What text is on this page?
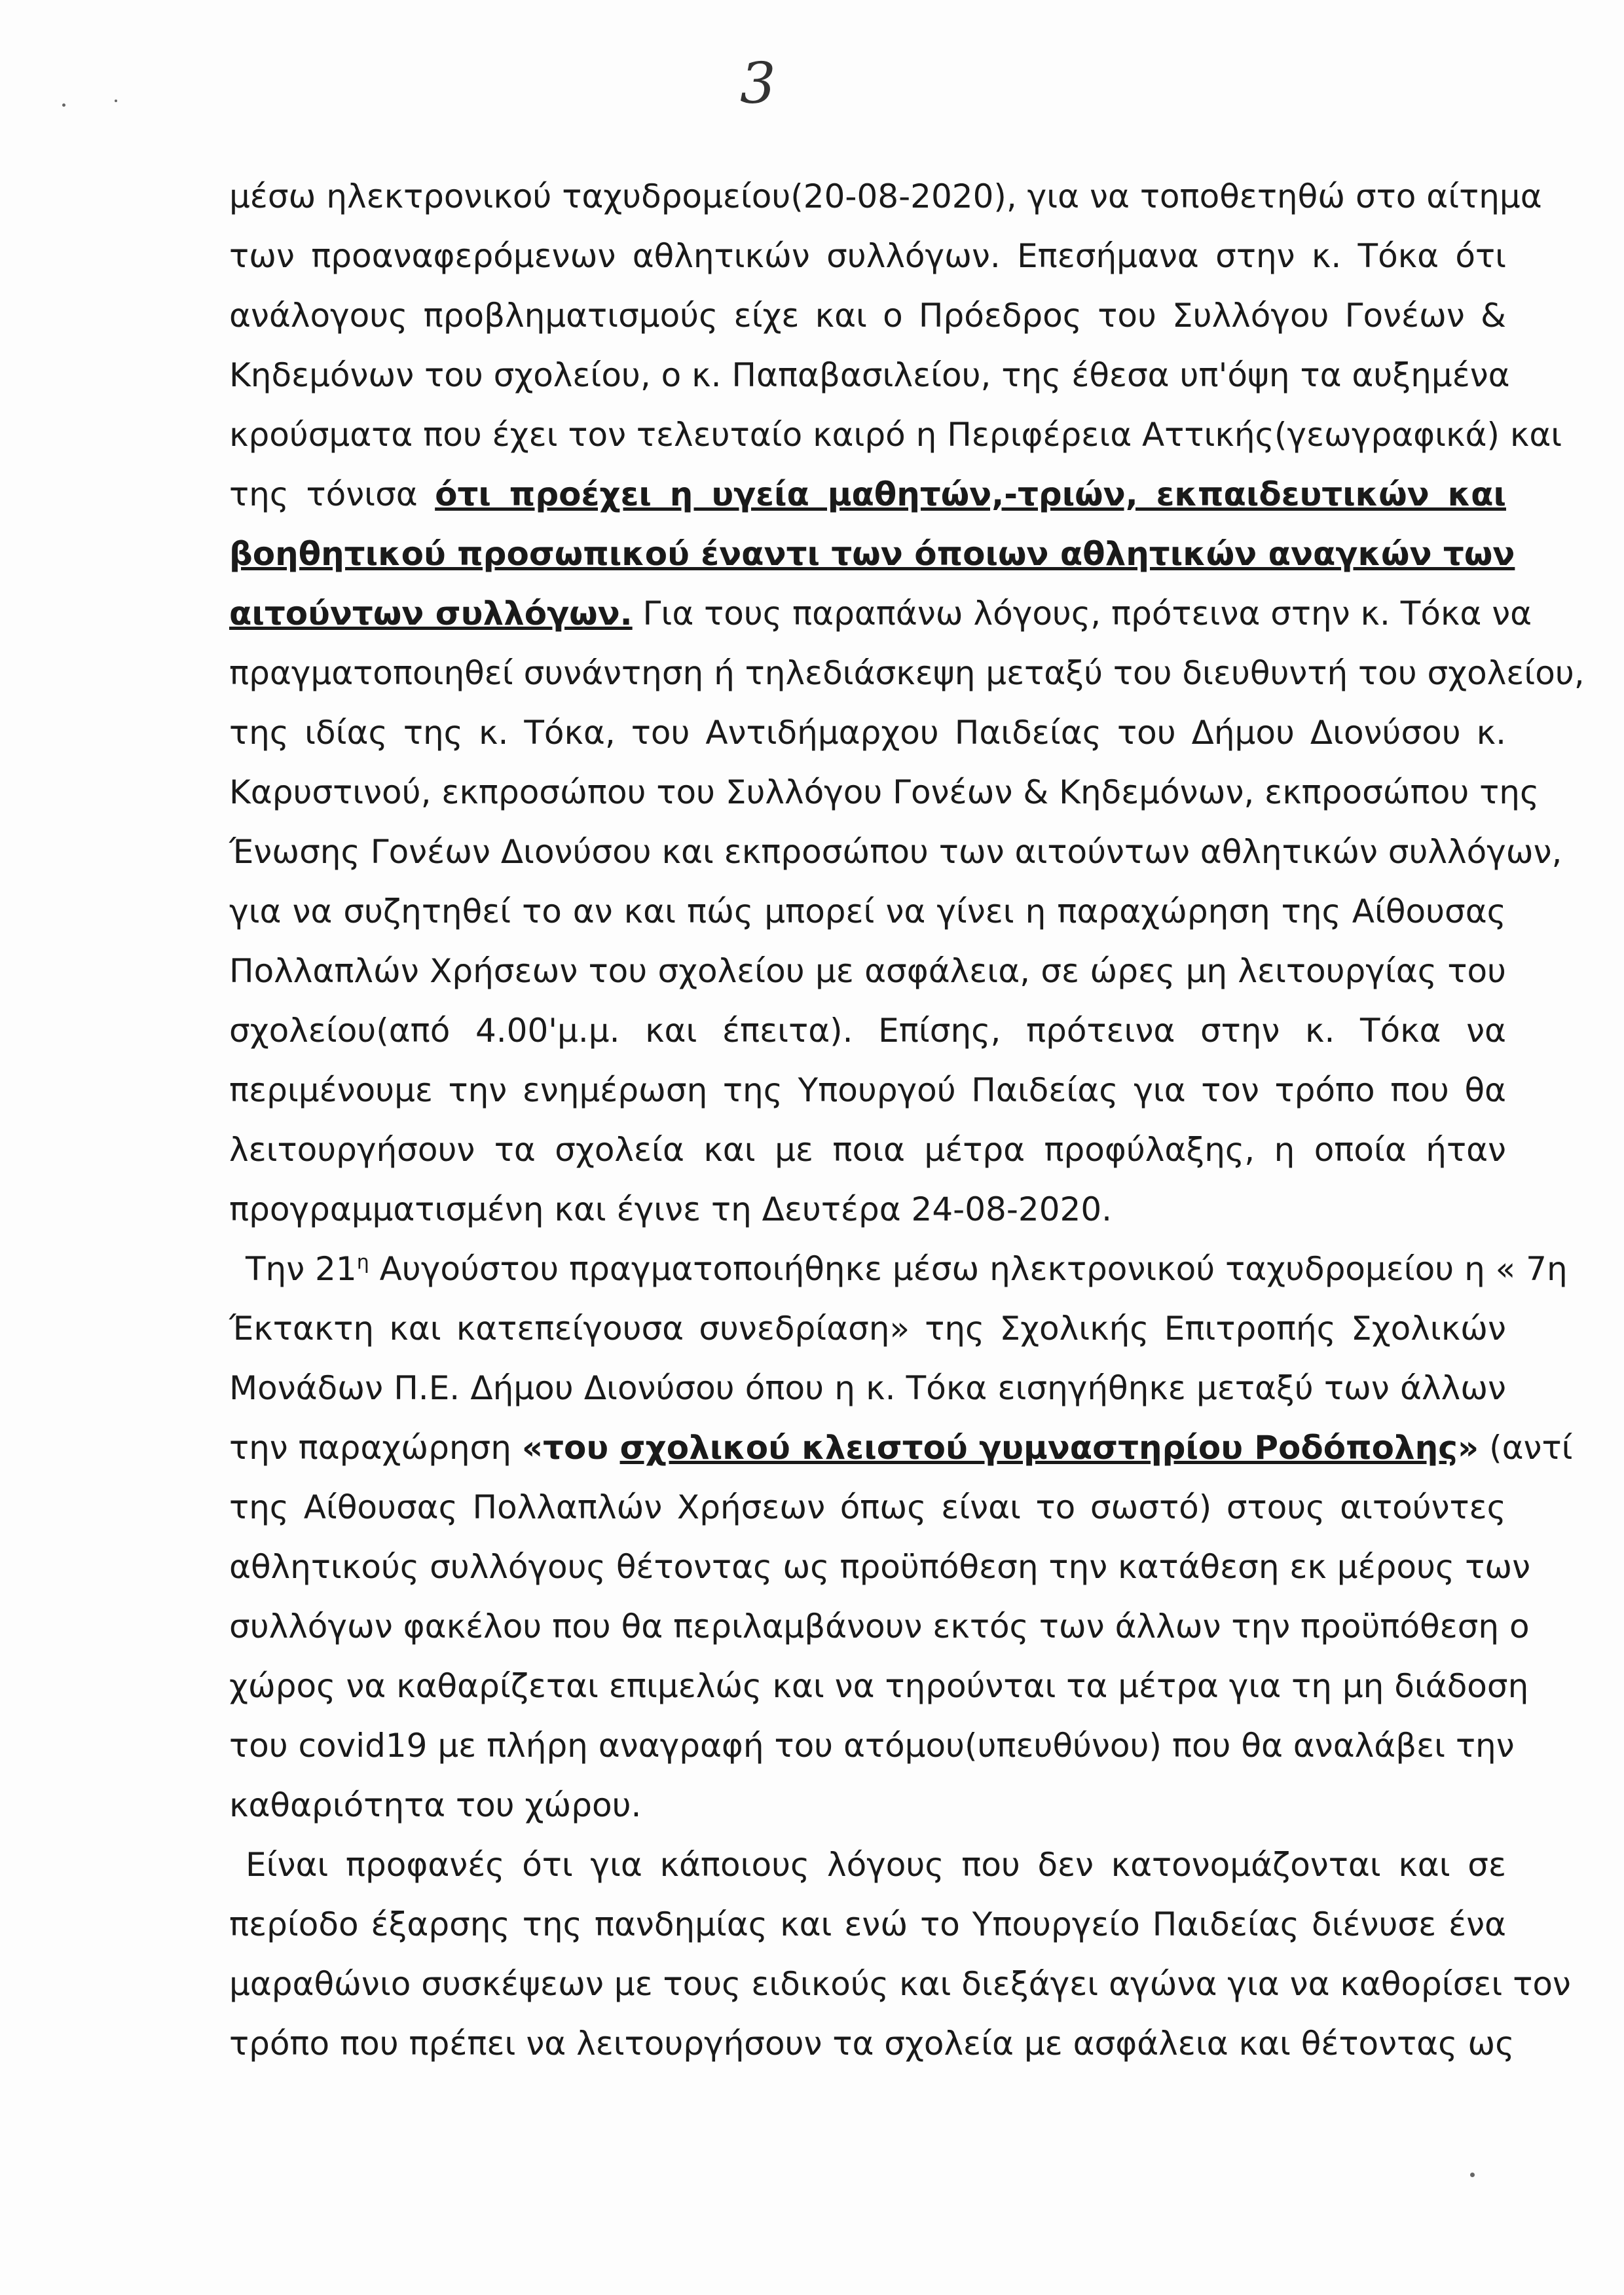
3
μέσω ηλεκτρονικού ταχυδρομείου(20-08-2020), για να τοποθετηθώ στο αίτημα
των προαναφερόμενων αθλητικών συλλόγων. Επεσήμανα στην κ. Τόκα ότι
ανάλογους προβληματισμούς είχε και ο Πρόεδρος του Συλλόγου Γονέων &
Κηδεμόνων του σχολείου, ο κ. Παπαβασιλείου, της έθεσα υπ'όψη τα αυξημένα
κρούσματα που έχει τον τελευταίο καιρό η Περιφέρεια Αττικής(γεωγραφικά) και
της τόνισα ότι προέχει η υγεία μαθητών,-τριών, εκπαιδευτικών και
βοηθητικού προσωπικού έναντι των όποιων αθλητικών αναγκών των
αιτούντων συλλόγων. Για τους παραπάνω λόγους, πρότεινα στην κ. Τόκα να
πραγματοποιηθεί συνάντηση ή τηλεδιάσκεψη μεταξύ του διευθυντή του σχολείου,
της ιδίας της κ. Τόκα, του Αντιδήμαρχου Παιδείας του Δήμου Διονύσου κ.
Καρυστινού, εκπροσώπου του Συλλόγου Γονέων & Κηδεμόνων, εκπροσώπου της
Ένωσης Γονέων Διονύσου και εκπροσώπου των αιτούντων αθλητικών συλλόγων,
για να συζητηθεί το αν και πώς μπορεί να γίνει η παραχώρηση της Αίθουσας
Πολλαπλών Χρήσεων του σχολείου με ασφάλεια, σε ώρες μη λειτουργίας του
σχολείου(από 4.00'μ.μ. και έπειτα). Επίσης, πρότεινα στην κ. Τόκα να
περιμένουμε την ενημέρωση της Υπουργού Παιδείας για τον τρόπο που θα
λειτουργήσουν τα σχολεία και με ποια μέτρα προφύλαξης, η οποία ήταν
προγραμματισμένη και έγινε τη Δευτέρα 24-08-2020.
Την $21^\eta$ Αυγούστου πραγματοποιήθηκε μέσω ηλεκτρονικού ταχυδρομείου η « 7η
Έκτακτη και κατεπείγουσα συνεδρίαση» της Σχολικής Επιτροπής Σχολικών
Μονάδων Π.Ε. Δήμου Διονύσου όπου η κ. Τόκα εισηγήθηκε μεταξύ των άλλων
την παραχώρηση «του σχολικού κλειστού γυμναστηρίου Ροδόπολης» (αντί
της Αίθουσας Πολλαπλών Χρήσεων όπως είναι το σωστό) στους αιτούντες
αθλητικούς συλλόγους θέτοντας ως προϋπόθεση την κατάθεση εκ μέρους των
συλλόγων φακέλου που θα περιλαμβάνουν εκτός των άλλων την προϋπόθεση ο
χώρος να καθαρίζεται επιμελώς και να τηρούνται τα μέτρα για τη μη διάδοση
του covid19 με πλήρη αναγραφή του ατόμου(υπευθύνου) που θα αναλάβει την
καθαριότητα του χώρου.
Είναι προφανές ότι για κάποιους λόγους που δεν κατονομάζονται και σε
περίοδο έξαρσης της πανδημίας και ενώ το Υπουργείο Παιδείας διένυσε ένα
μαραθώνιο συσκέψεων με τους ειδικούς και διεξάγει αγώνα για να καθορίσει τον
τρόπο που πρέπει να λειτουργήσουν τα σχολεία με ασφάλεια και θέτοντας ως
